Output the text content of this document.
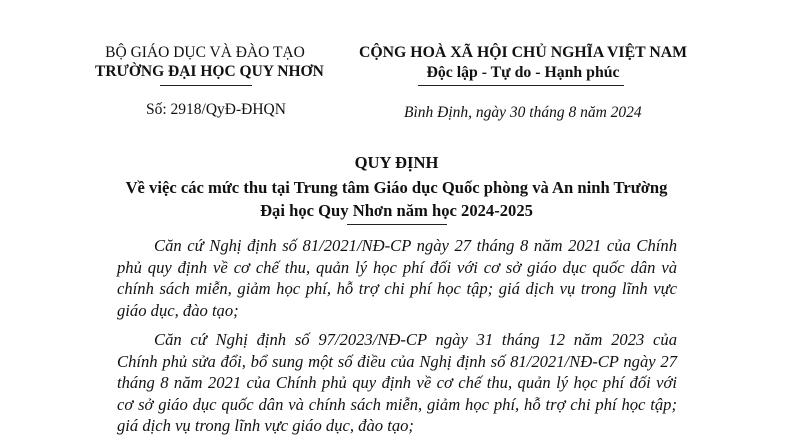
BỘ GIÁO DỤC VÀ ĐÀO TẠO
TRƯỜNG ĐẠI HỌC QUY NHƠN
Số: 2918/QyĐ-ĐHQN
CỘNG HOÀ XÃ HỘI CHỦ NGHĨA VIỆT NAM
Độc lập - Tự do - Hạnh phúc
Bình Định, ngày 30 tháng 8 năm 2024
QUY ĐỊNH
Về việc các mức thu tại Trung tâm Giáo dục Quốc phòng và An ninh Trường
Đại học Quy Nhơn năm học 2024-2025
Căn cứ Nghị định số 81/2021/NĐ-CP ngày 27 tháng 8 năm 2021 của Chính
phủ quy định về cơ chế thu, quản lý học phí đối với cơ sở giáo dục quốc dân và
chính sách miễn, giảm học phí, hỗ trợ chi phí học tập; giá dịch vụ trong lĩnh vực
giáo dục, đào tạo;
Căn cứ Nghị định số 97/2023/NĐ-CP ngày 31 tháng 12 năm 2023 của
Chính phủ sửa đổi, bổ sung một số điều của Nghị định số 81/2021/NĐ-CP ngày 27
tháng 8 năm 2021 của Chính phủ quy định về cơ chế thu, quản lý học phí đối với
cơ sở giáo dục quốc dân và chính sách miễn, giảm học phí, hỗ trợ chi phí học tập;
giá dịch vụ trong lĩnh vực giáo dục, đào tạo;
